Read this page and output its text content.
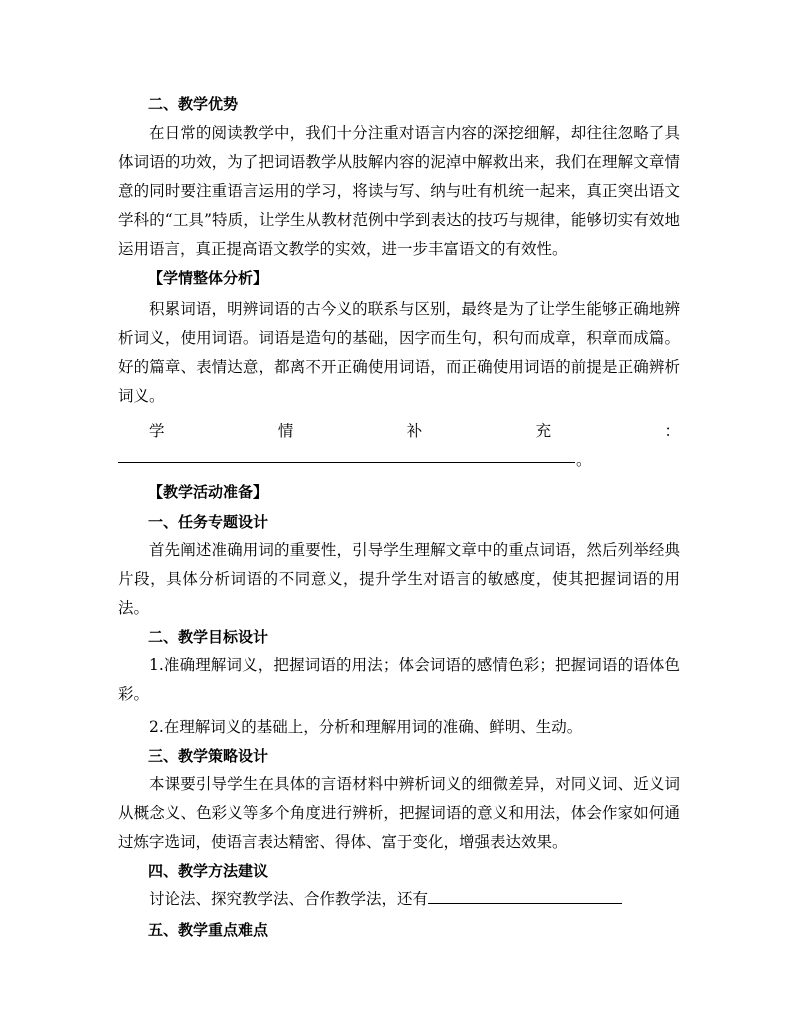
二、教学优势
在日常的阅读教学中，我们十分注重对语言内容的深挖细解，却往往忽略了具体词语的功效，为了把词语教学从肢解内容的泥淖中解救出来，我们在理解文章情意的同时要注重语言运用的学习，将读与写、纳与吐有机统一起来，真正突出语文学科的“工具”特质，让学生从教材范例中学到表达的技巧与规律，能够切实有效地运用语言，真正提高语文教学的实效，进一步丰富语文的有效性。
【学情整体分析】
积累词语，明辨词语的古今义的联系与区别，最终是为了让学生能够正确地辨析词义，使用词语。词语是造句的基础，因字而生句，积句而成章，积章而成篇。好的篇章、表情达意，都离不开正确使用词语，而正确使用词语的前提是正确辨析词义。
学	情	补	充	：
。
【教学活动准备】
一、任务专题设计
首先阐述准确用词的重要性，引导学生理解文章中的重点词语，然后列举经典片段，具体分析词语的不同意义，提升学生对语言的敏感度，使其把握词语的用法。
二、教学目标设计
1.准确理解词义，把握词语的用法；体会词语的感情色彩；把握词语的语体色彩。
2.在理解词义的基础上，分析和理解用词的准确、鲜明、生动。
三、教学策略设计
本课要引导学生在具体的言语材料中辨析词义的细微差异，对同义词、近义词从概念义、色彩义等多个角度进行辨析，把握词语的意义和用法，体会作家如何通过炼字选词，使语言表达精密、得体、富于变化，增强表达效果。
四、教学方法建议
讨论法、探究教学法、合作教学法，还有
五、教学重点难点
